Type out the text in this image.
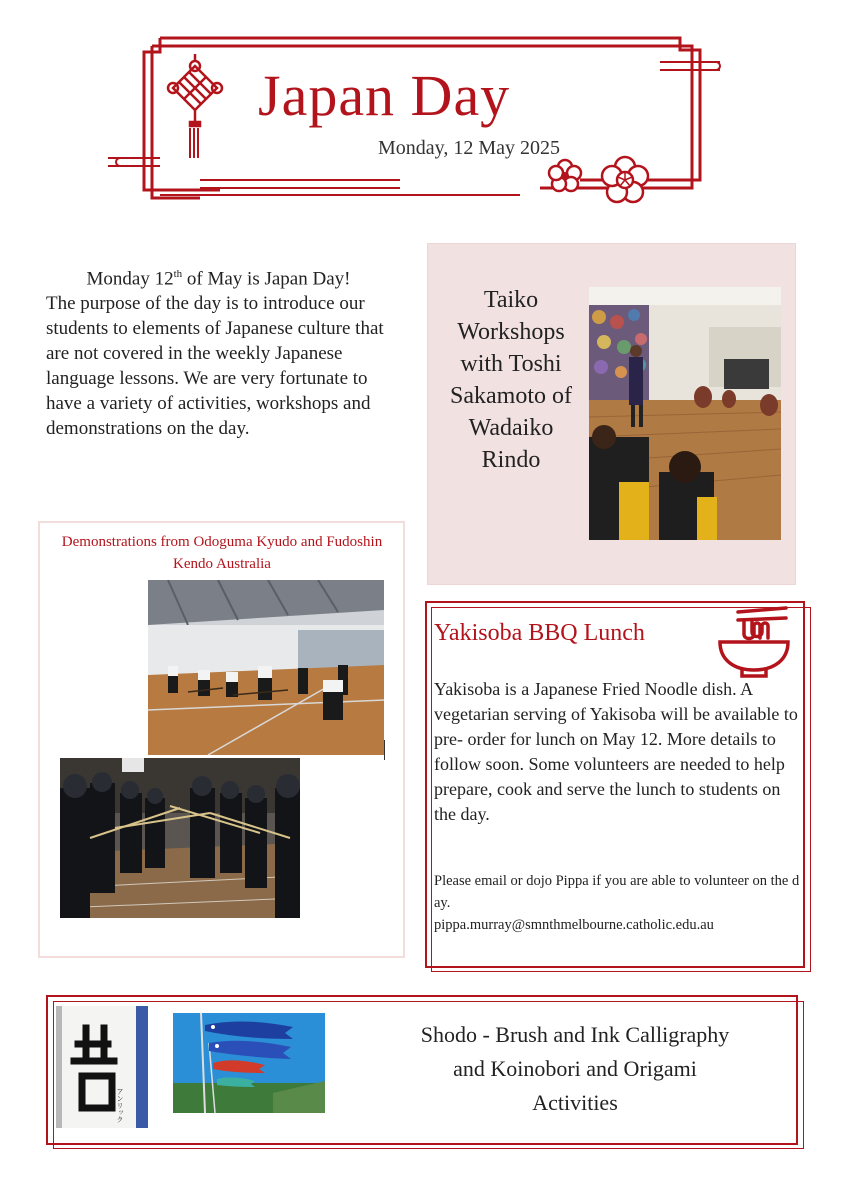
Japan Day
Monday, 12 May 2025
Monday 12th of May is Japan Day!
The purpose of the day is to introduce our students to elements of Japanese culture that are not covered in the weekly Japanese language lessons. We are very fortunate to have a variety of activities, workshops and demonstrations on the day.
Taiko
Workshops
with Toshi
Sakamoto of
Wadaiko
Rindo
Demonstrations from Odoguma Kyudo and Fudoshin Kendo Australia
Yakisoba BBQ Lunch
Yakisoba is a Japanese Fried Noodle dish. A vegetarian serving of Yakisoba will be available to pre- order for lunch on May 12. More details to follow soon. Some volunteers are needed to help prepare, cook and serve the lunch to students on the day.
Please email or dojo Pippa if you are able to volunteer on the day.
pippa.murray@smnthmelbourne.catholic.edu.au
アンリック
Shodo - Brush and Ink Calligraphy
and Koinobori and Origami
Activities
